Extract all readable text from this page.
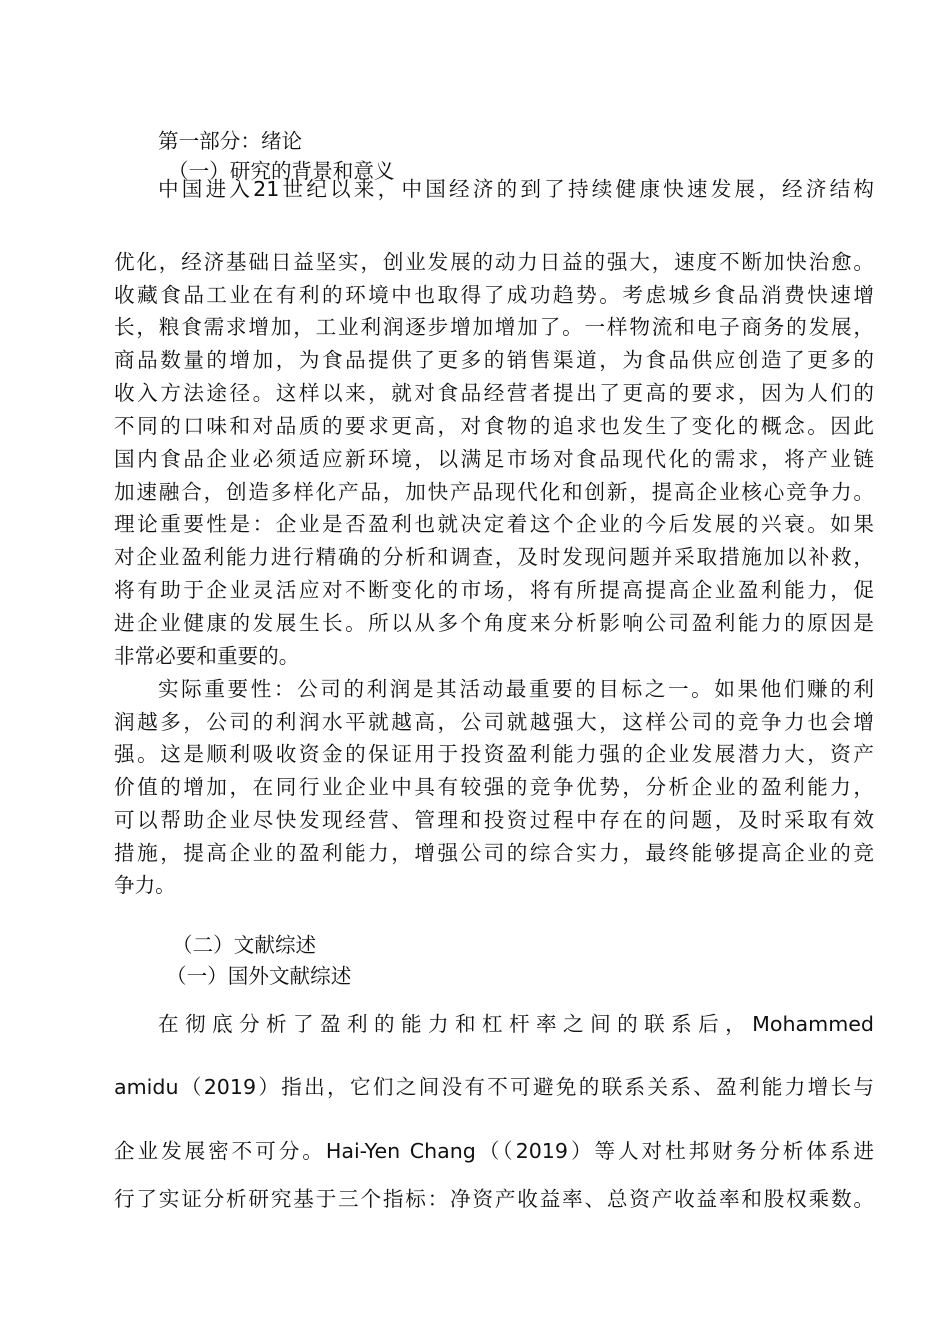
第一部分：绪论
（一）研究的背景和意义
中国进入21世纪以来，中国经济的到了持续健康快速发展，经济结构
优化，经济基础日益坚实，创业发展的动力日益的强大，速度不断加快治愈。
收藏食品工业在有利的环境中也取得了成功趋势。考虑城乡食品消费快速增
长，粮食需求增加，工业利润逐步增加增加了。一样物流和电子商务的发展，
商品数量的增加，为食品提供了更多的销售渠道，为食品供应创造了更多的
收入方法途径。这样以来，就对食品经营者提出了更高的要求，因为人们的
不同的口味和对品质的要求更高，对食物的追求也发生了变化的概念。因此
国内食品企业必须适应新环境，以满足市场对食品现代化的需求，将产业链
加速融合，创造多样化产品，加快产品现代化和创新，提高企业核心竞争力。
理论重要性是：企业是否盈利也就决定着这个企业的今后发展的兴衰。如果
对企业盈利能力进行精确的分析和调查，及时发现问题并采取措施加以补救，
将有助于企业灵活应对不断变化的市场，将有所提高提高企业盈利能力，促
进企业健康的发展生长。所以从多个角度来分析影响公司盈利能力的原因是
非常必要和重要的。
实际重要性：公司的利润是其活动最重要的目标之一。如果他们赚的利
润越多，公司的利润水平就越高，公司就越强大，这样公司的竞争力也会增
强。这是顺利吸收资金的保证用于投资盈利能力强的企业发展潜力大，资产
价值的增加，在同行业企业中具有较强的竞争优势，分析企业的盈利能力，
可以帮助企业尽快发现经营、管理和投资过程中存在的问题，及时采取有效
措施，提高企业的盈利能力，增强公司的综合实力，最终能够提高企业的竞
争力。
（二）文献综述
（一）国外文献综述
在彻底分析了盈利的能力和杠杆率之间的联系后，Mohammed
amidu（2019）指出，它们之间没有不可避免的联系关系、盈利能力增长与
企业发展密不可分。Hai-Yen Chang（（2019）等人对杜邦财务分析体系进
行了实证分析研究基于三个指标：净资产收益率、总资产收益率和股权乘数。
